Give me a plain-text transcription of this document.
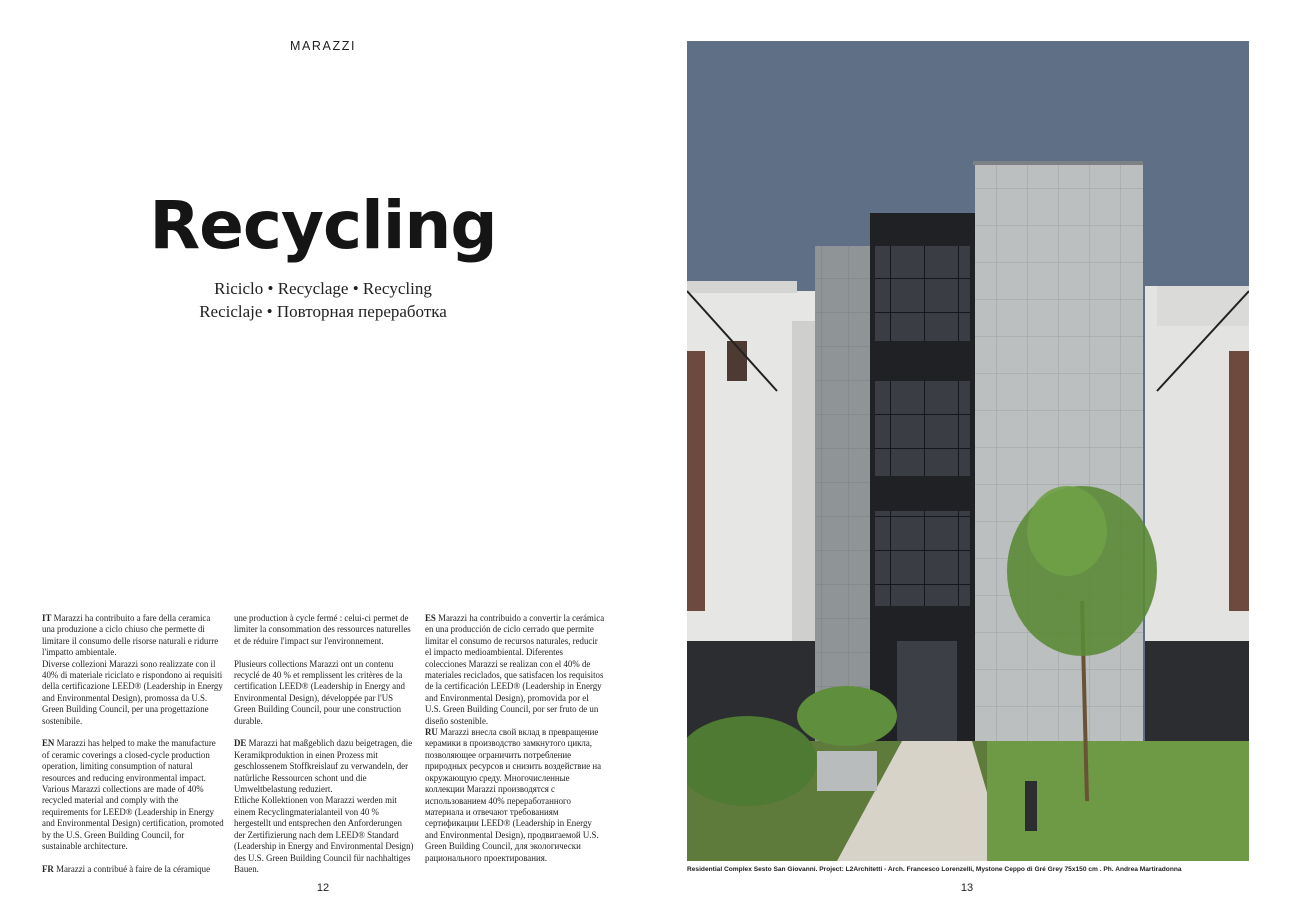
MARAZZI
Recycling
Riciclo • Recyclage • Recycling
Reciclaje • Повторная переработка

IT Marazzi ha contribuito a fare della ceramica una produzione a ciclo chiuso che permette di limitare il consumo delle risorse naturali e ridurre l'impatto ambientale.

Diverse collezioni Marazzi sono realizzate con il 40% di materiale riciclato e rispondono ai requisiti della certificazione LEED® (Leadership in Energy and Environmental Design), promossa da U.S. Green Building Council, per una progettazione sostenibile.

EN Marazzi has helped to make the manufacture of ceramic coverings a closed-cycle production operation, limiting consumption of natural resources and reducing environmental impact. Various Marazzi collections are made of 40% recycled material and comply with the requirements for LEED® (Leadership in Energy and Environmental Design) certification, promoted by the U.S. Green Building Council, for sustainable architecture.

FR Marazzi a contribué à faire de la céramique

une production à cycle fermé : celui-ci permet de limiter la consommation des ressources naturelles et de réduire l'impact sur l'environnement.

Plusieurs collections Marazzi ont un contenu recyclé de 40 % et remplissent les critères de la certification LEED® (Leadership in Energy and Environmental Design), développée par l'US Green Building Council, pour une construction durable.

DE Marazzi hat maßgeblich dazu beigetragen, die Keramikproduktion in einen Prozess mit geschlossenem Stoffkreislauf zu verwandeln, der natürliche Ressourcen schont und die Umweltbelastung reduziert.

Etliche Kollektionen von Marazzi werden mit einem Recyclingmaterialanteil von 40 % hergestellt und entsprechen den Anforderungen der Zertifizierung nach dem LEED® Standard (Leadership in Energy and Environmental Design) des U.S. Green Building Council für nachhaltiges Bauen.

ES Marazzi ha contribuido a convertir la cerámica en una producción de ciclo cerrado que permite limitar el consumo de recursos naturales, reducir el impacto medioambiental. Diferentes colecciones Marazzi se realizan con el 40% de materiales reciclados, que satisfacen los requisitos de la certificación LEED® (Leadership in Energy and Environmental Design), promovida por el U.S. Green Building Council, por ser fruto de un diseño sostenible.

RU Marazzi внесла свой вклад в превращение керамики в производство замкнутого цикла, позволяющее ограничить потребление природных ресурсов и снизить воздействие на окружающую среду. Многочисленные коллекции Marazzi производятся с использованием 40% переработанного материала и отвечают требованиям сертификации LEED® (Leadership in Energy and Environmental Design), продвигаемой U.S. Green Building Council, для экологически рационального проектирования.

12	13
Residential Complex Sesto San Giovanni. Project: L2Architetti - Arch. Francesco Lorenzelli, Mystone Ceppo di Gré Grey 75x150 cm . Ph. Andrea Martiradonna
